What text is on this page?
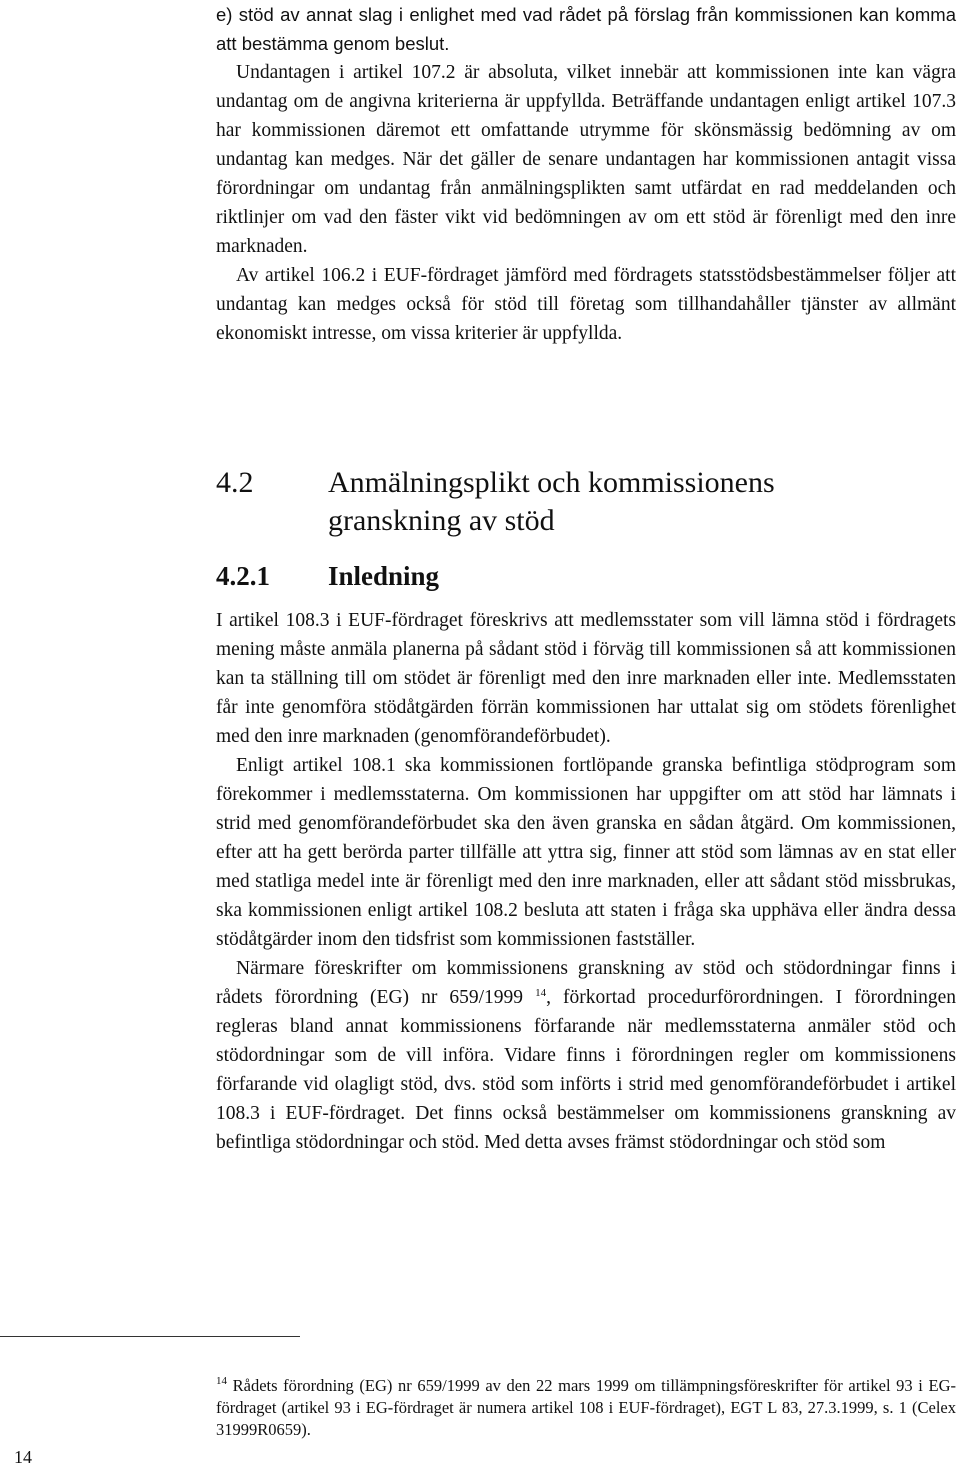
e) stöd av annat slag i enlighet med vad rådet på förslag från kommissionen kan komma att bestämma genom beslut.

Undantagen i artikel 107.2 är absoluta, vilket innebär att kommissionen inte kan vägra undantag om de angivna kriterierna är uppfyllda. Beträffande undantagen enligt artikel 107.3 har kommissionen däremot ett omfattande utrymme för skönsmässig bedömning av om undantag kan medges. När det gäller de senare undantagen har kommissionen antagit vissa förordningar om undantag från anmälningsplikten samt utfärdat en rad meddelanden och riktlinjer om vad den fäster vikt vid bedömningen av om ett stöd är förenligt med den inre marknaden.

Av artikel 106.2 i EUF-fördraget jämförd med fördragets statsstödsbestämmelser följer att undantag kan medges också för stöd till företag som tillhandahåller tjänster av allmänt ekonomiskt intresse, om vissa kriterier är uppfyllda.

4.2	Anmälningsplikt och kommissionens granskning av stöd
4.2.1	Inledning

I artikel 108.3 i EUF-fördraget föreskrivs att medlemsstater som vill lämna stöd i fördragets mening måste anmäla planerna på sådant stöd i förväg till kommissionen så att kommissionen kan ta ställning till om stödet är förenligt med den inre marknaden eller inte. Medlemsstaten får inte genomföra stödåtgärden förrän kommissionen har uttalat sig om stödets förenlighet med den inre marknaden (genomförandeförbudet).

Enligt artikel 108.1 ska kommissionen fortlöpande granska befintliga stödprogram som förekommer i medlemsstaterna. Om kommissionen har uppgifter om att stöd har lämnats i strid med genomförandeförbudet ska den även granska en sådan åtgärd. Om kommissionen, efter att ha gett berörda parter tillfälle att yttra sig, finner att stöd som lämnas av en stat eller med statliga medel inte är förenligt med den inre marknaden, eller att sådant stöd missbrukas, ska kommissionen enligt artikel 108.2 besluta att staten i fråga ska upphäva eller ändra dessa stödåtgärder inom den tidsfrist som kommissionen fastställer.

Närmare föreskrifter om kommissionens granskning av stöd och stödordningar finns i rådets förordning (EG) nr 659/1999 $^{14}$, förkortad procedurförordningen. I förordningen regleras bland annat kommissionens förfarande när medlemsstaterna anmäler stöd och stödordningar som de vill införa. Vidare finns i förordningen regler om kommissionens förfarande vid olagligt stöd, dvs. stöd som införts i strid med genomförandeförbudet i artikel 108.3 i EUF-fördraget. Det finns också bestämmelser om kommissionens granskning av befintliga stödordningar och stöd. Med detta avses främst stödordningar och stöd som

$^{14}$ Rådets förordning (EG) nr 659/1999 av den 22 mars 1999 om tillämpningsföreskrifter för artikel 93 i EG-fördraget (artikel 93 i EG-fördraget är numera artikel 108 i EUF-fördraget), EGT L 83, 27.3.1999, s. 1 (Celex 31999R0659).
14
